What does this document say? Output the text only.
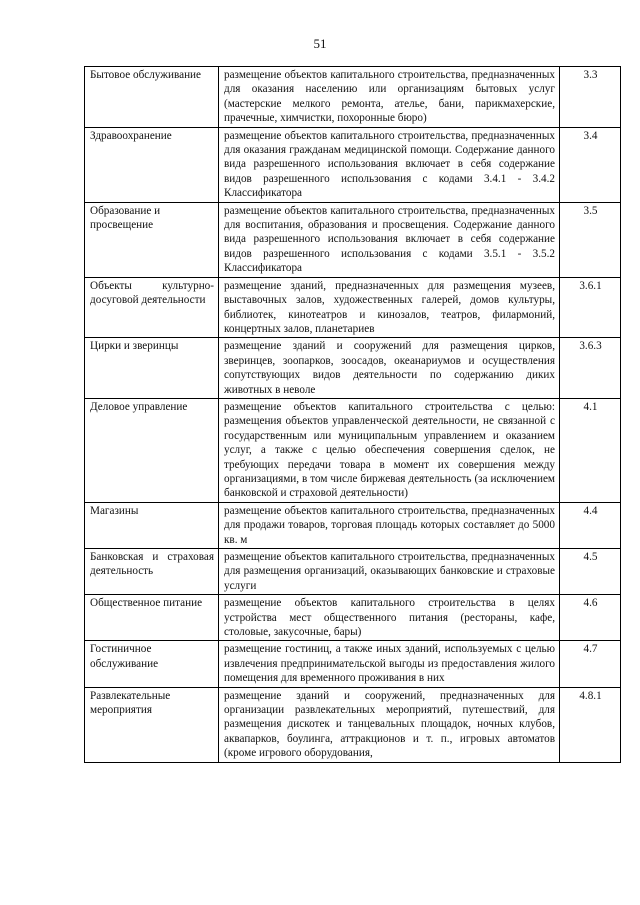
51
Бытовое обслуживание	размещение объектов капитального строительства, предназначенных для оказания населению или организациям бытовых услуг (мастерские мелкого ремонта, ателье, бани, парикмахерские, прачечные, химчистки, похоронные бюро)	3.3
Здравоохранение	размещение объектов капитального строительства, предназначенных для оказания гражданам медицинской помощи. Содержание данного вида разрешенного использования включает в себя содержание видов разрешенного использования с кодами 3.4.1 - 3.4.2 Классификатора	3.4
Образование и просвещение	размещение объектов капитального строительства, предназначенных для воспитания, образования и просвещения. Содержание данного вида разрешенного использования включает в себя содержание видов разрешенного использования с кодами 3.5.1 - 3.5.2 Классификатора	3.5
Объекты культурно-досуговой деятельности	размещение зданий, предназначенных для размещения музеев, выставочных залов, художественных галерей, домов культуры, библиотек, кинотеатров и кинозалов, театров, филармоний, концертных залов, планетариев	3.6.1
Цирки и зверинцы	размещение зданий и сооружений для размещения цирков, зверинцев, зоопарков, зоосадов, океанариумов и осуществления сопутствующих видов деятельности по содержанию диких животных в неволе	3.6.3
Деловое управление	размещение объектов капитального строительства с целью: размещения объектов управленческой деятельности, не связанной с государственным или муниципальным управлением и оказанием услуг, а также с целью обеспечения совершения сделок, не требующих передачи товара в момент их совершения между организациями, в том числе биржевая деятельность (за исключением банковской и страховой деятельности)	4.1
Магазины	размещение объектов капитального строительства, предназначенных для продажи товаров, торговая площадь которых составляет до 5000 кв. м	4.4
Банковская и страховая деятельность	размещение объектов капитального строительства, предназначенных для размещения организаций, оказывающих банковские и страховые услуги	4.5
Общественное питание	размещение объектов капитального строительства в целях устройства мест общественного питания (рестораны, кафе, столовые, закусочные, бары)	4.6
Гостиничное обслуживание	размещение гостиниц, а также иных зданий, используемых с целью извлечения предпринимательской выгоды из предоставления жилого помещения для временного проживания в них	4.7
Развлекательные мероприятия	размещение зданий и сооружений, предназначенных для организации развлекательных мероприятий, путешествий, для размещения дискотек и танцевальных площадок, ночных клубов, аквапарков, боулинга, аттракционов и т. п., игровых автоматов (кроме игрового оборудования,	4.8.1
